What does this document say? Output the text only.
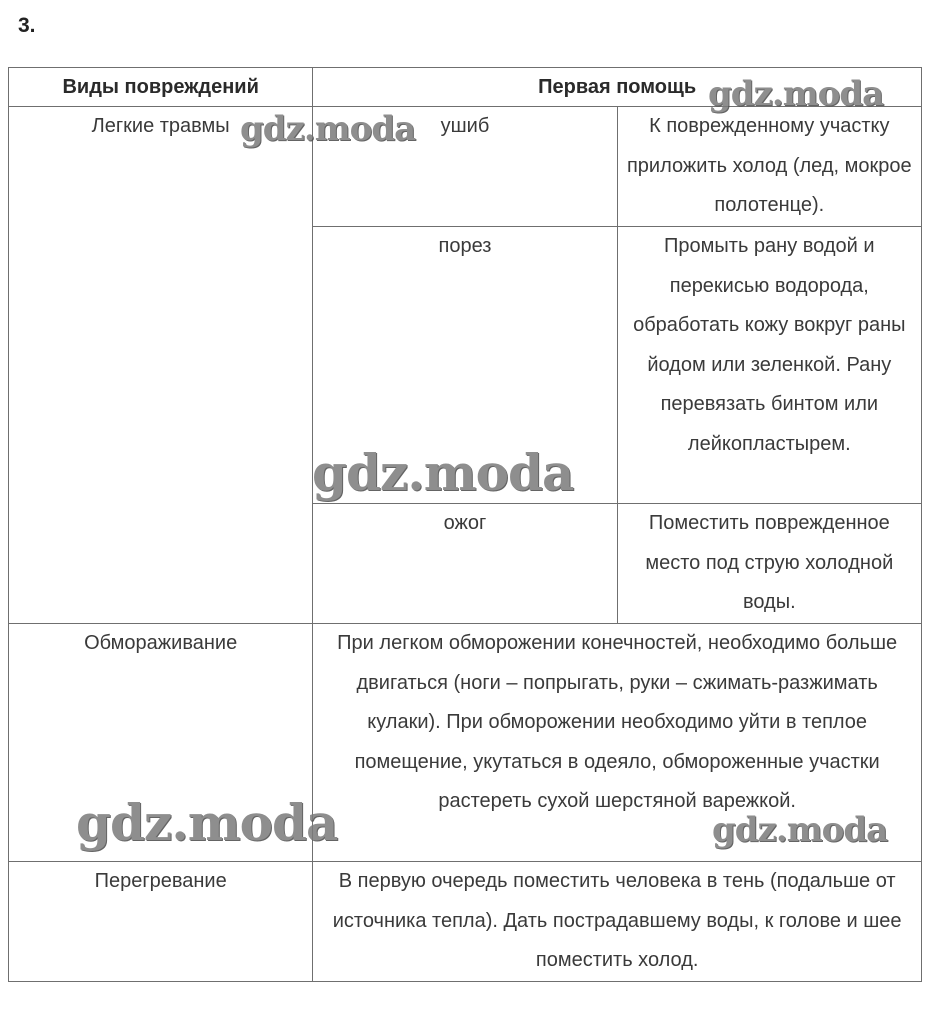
3.
Виды повреждений	Первая помощь	
Легкие травмы	ушиб	К поврежденному участку приложить холод (лед, мокрое полотенце).
	порез	Промыть рану водой и перекисью водорода, обработать кожу вокруг раны йодом или зеленкой. Рану перевязать бинтом или лейкопластырем.
	ожог	Поместить поврежденное место под струю холодной воды.
Обмораживание	При легком обморожении конечностей, необходимо больше двигаться (ноги – попрыгать, руки – сжимать-разжимать кулаки). При обморожении необходимо уйти в теплое помещение, укутаться в одеяло, обмороженные участки растереть сухой шерстяной варежкой.	
Перегревание	В первую очередь поместить человека в тень (подальше от источника тепла). Дать пострадавшему воды, к голове и шее поместить холод.	
gdz.moda
gdz.moda
gdz.moda
gdz.moda	gdz.moda
